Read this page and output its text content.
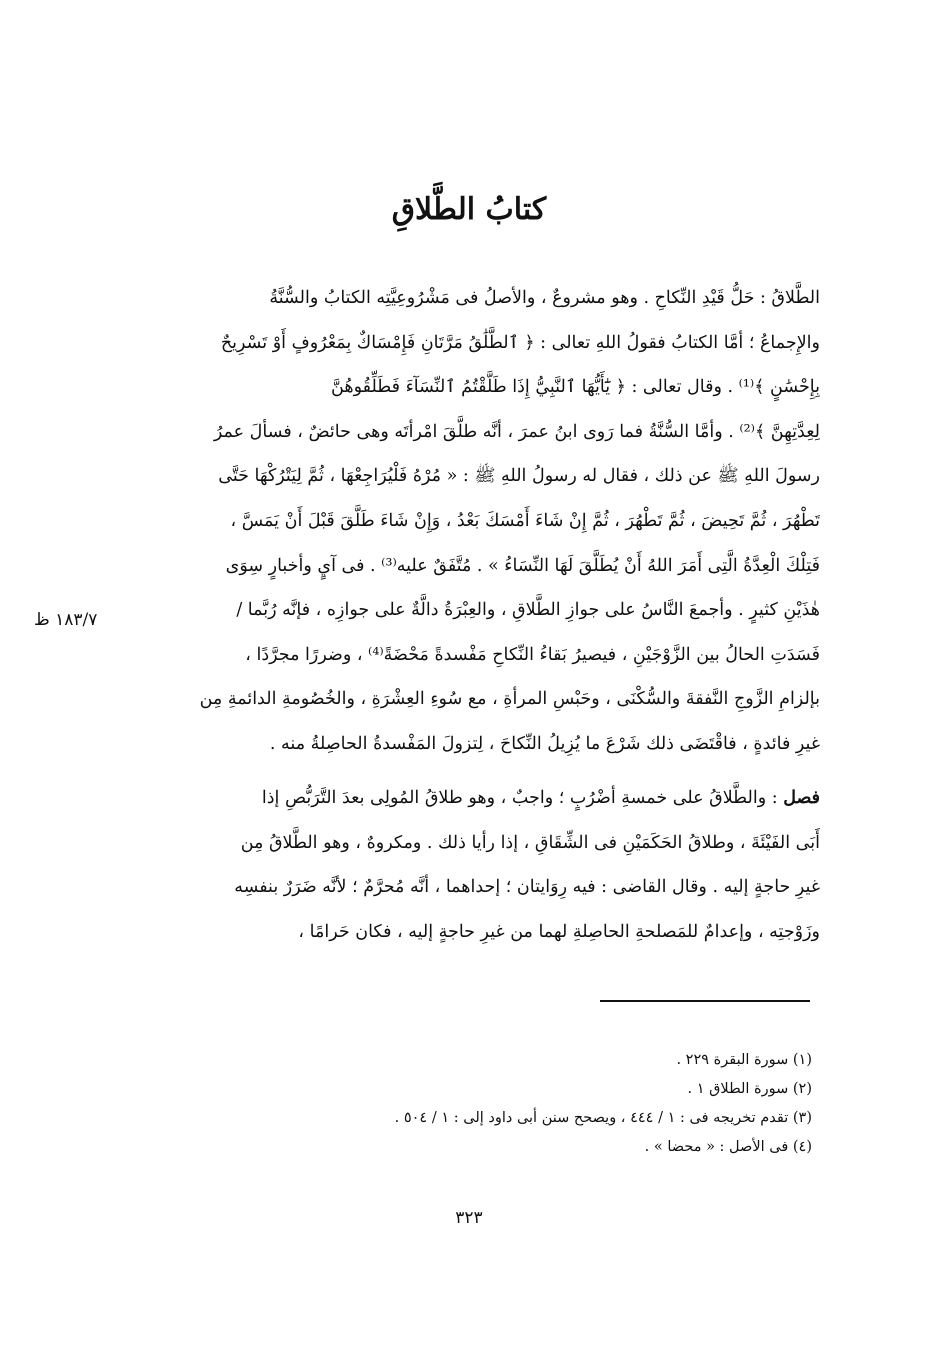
كتابُ الطَّلاقِ
الطَّلاقُ : حَلُّ قَيْدِ النِّكاحِ . وهو مشروعٌ ، والأصلُ فى مَشْرُوعِيَّتِه الكتابُ والسُّنَّةُ
والإِجماعُ ؛ أمَّا الكتابُ فقولُ اللهِ تعالى : ﴿ ٱلطَّلَٰقُ مَرَّتَانِ فَإِمْسَاكٌ بِمَعْرُوفٍ أَوْ تَسْرِيحٌ
بِإِحْسَٰنٍ ﴾⁽¹⁾ . وقال تعالى : ﴿ يَٰٓأَيُّهَا ٱلنَّبِيُّ إِذَا طَلَّقْتُمُ ٱلنِّسَآءَ فَطَلِّقُوهُنَّ
لِعِدَّتِهِنَّ ﴾⁽²⁾ . وأمَّا السُّنَّةُ فما رَوى ابنُ عمرَ ، أنَّه طلَّقَ امْرأتَه وهى حائضٌ ، فسألَ عمرُ
رسولَ اللهِ ﷺ عن ذلك ، فقال له رسولُ اللهِ ﷺ : « مُرْهُ فَلْيُرَاجِعْهَا ، ثُمَّ لِيَتْرُكْهَا حَتَّى
تَطْهُرَ ، ثُمَّ تَحِيضَ ، ثُمَّ تَطْهُرَ ، ثُمَّ إِنْ شَاءَ أَمْسَكَ بَعْدُ ، وَإِنْ شَاءَ طَلَّقَ قَبْلَ أَنْ يَمَسَّ ،
فَتِلْكَ الْعِدَّةُ الَّتِى أَمَرَ اللهُ أَنْ يُطَلَّقَ لَهَا النِّسَاءُ » . مُتَّفَقٌ عليه⁽³⁾ . فى آيٍ وأخبارٍ سِوَى
هٰذَيْنِ كثيرٍ . وأجمعَ النَّاسُ على جوازِ الطَّلاقِ ، والعِبْرَةُ دالَّةٌ على جوازِه ، فإنَّه رُبَّما /
فَسَدَتِ الحالُ بين الزَّوْجَيْنِ ، فيصيرُ بَقاءُ النِّكاحِ مَفْسدةً مَحْضَةً⁽⁴⁾ ، وضررًا مجرَّدًا ،
بإلزامِ الزَّوجِ النَّفقةَ والسُّكْنَى ، وحَبْسِ المرأةِ ، مع سُوءِ العِشْرَةِ ، والخُصُومةِ الدائمةِ مِن
غيرِ فائدةٍ ، فاقْتَضَى ذلك شَرْعَ ما يُزِيلُ النِّكاحَ ، لِتزولَ المَفْسدةُ الحاصِلةُ منه .
١٨٣/٧ ظ
فصل : والطَّلاقُ على خمسةِ أضْرُبٍ ؛ واجبٌ ، وهو طلاقُ المُولِى بعدَ التَّرَبُّصِ إذا
أَبَى الفَيْئَةَ ، وطلاقُ الحَكَمَيْنِ فى الشِّقَاقِ ، إذا رأيا ذلك . ومكروهٌ ، وهو الطَّلاقُ مِن
غيرِ حاجةٍ إليه . وقال القاضى : فيه رِوَايتان ؛ إحداهما ، أنَّه مُحرَّمٌ ؛ لأنَّه ضَرَرٌ بنفسِه
وزَوْجتِه ، وإعدامٌ للمَصلحةِ الحاصِلةِ لهما من غيرِ حاجةٍ إليه ، فكان حَرامًا ،
(١) سورة البقرة ٢٢٩ .
(٢) سورة الطلاق ١ .
(٣) تقدم تخريجه فى : ١ / ٤٤٤ ، ويصحح سنن أبى داود إلى : ١ / ٥٠٤ .
(٤) فى الأصل : « محضا » .
٣٢٣
